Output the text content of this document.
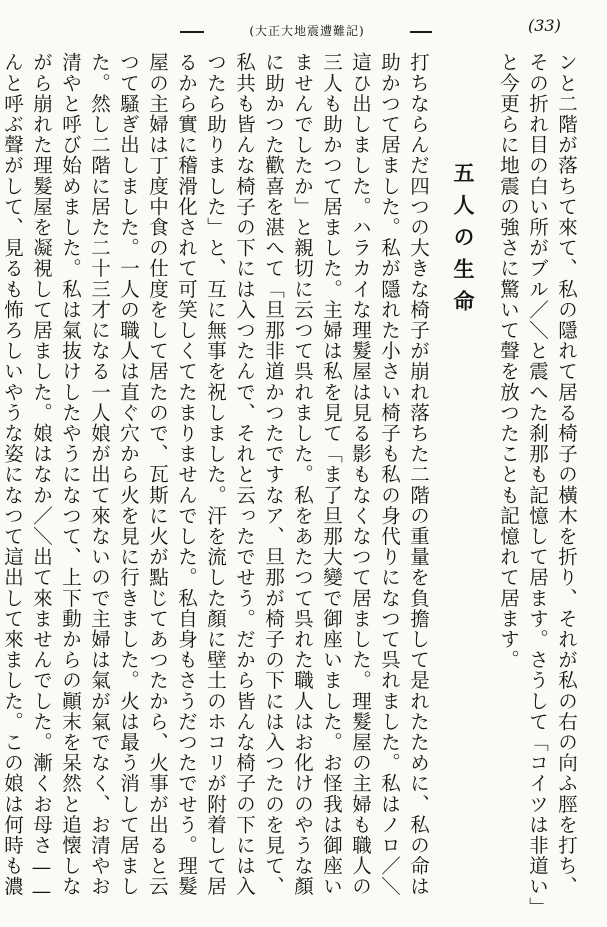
(大正大地震遭難記)	(33)

ンと二階が落ちて來て、私の隱れて居る椅子の橫木を折り、それが私の右の向ふ脛を打ち、その折れ目の白い所がブル／＼と震へた刹那も記憶して居ます。さうして「コイツは非道い」と今更らに地震の強さに驚いて聲を放つたことも記憶れて居ます。

五人の生命

打ちならんだ四つの大きな椅子が崩れ落ちた二階の重量を負擔して是れたために、私の命は助かつて居ました。私が隱れた小さい椅子も私の身代りになつて呉れました。私はノロ／＼這ひ出しました。ハラカイな理髮屋は見る影もなくなつて居ました。理髮屋の主婦も職人の三人も助かつて居ました。主婦は私を見て「ま了旦那大變で御座いました。お怪我は御座いませんでしたか」と親切に云つて呉れました。私をあたつて呉れた職人はお化けのやうな顏に助かつた歡喜を湛へて「旦那非道かつたですなア、旦那が椅子の下には入つたのを見て、私共も皆んな椅子の下には入つたんで、それと云ったでせう。だから皆んな椅子の下には入つたら助りました」と、互に無事を祝しました。汗を流した顏に壁土のホコリが附着して居るから實に稽滑化されて可笑しくてたまりませんでした。私自身もさうだつたでせう。理髮屋の主婦は丁度中食の仕度をして居たので、瓦斯に火が點じてあつたから、火事が出ると云つて騷ぎ出しました。一人の職人は直ぐ穴から火を見に行きました。火は最う消して居ました。然し二階に居た二十三才になる一人娘が出て來ないので主婦は氣が氣でなく、お清やお清やと呼び始めました。私は氣抜けしたやうになつて、上下動からの顚末を呆然と追懐しながら崩れた理髮屋を凝視して居ました。娘はなか／＼出て來ませんでした。漸くお母さ——んと呼ぶ聲がして、見るも怖ろしいやうな姿になつて這出して來ました。この娘は何時も濃
